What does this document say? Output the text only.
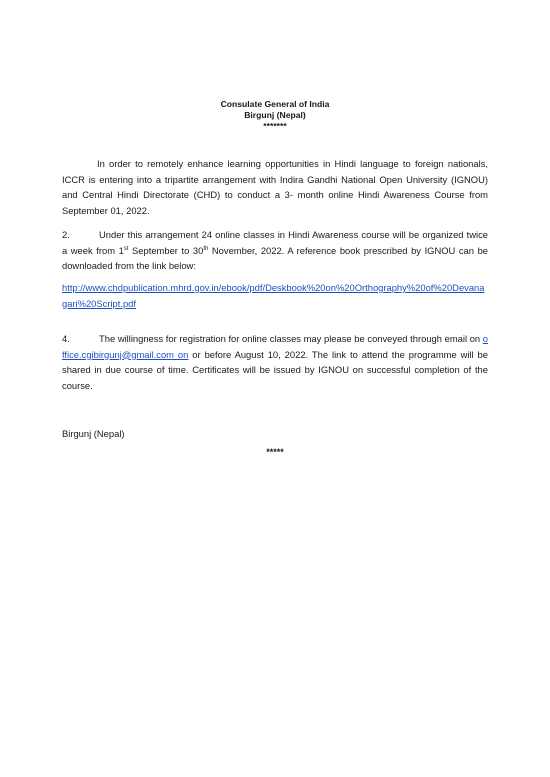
Consulate General of India
Birgunj (Nepal)
*******
In order to remotely enhance learning opportunities in Hindi language to foreign nationals, ICCR is entering into a tripartite arrangement with Indira Gandhi National Open University (IGNOU) and Central Hindi Directorate (CHD) to conduct a 3- month online Hindi Awareness Course from September 01, 2022.
2.	Under this arrangement 24 online classes in Hindi Awareness course will be organized twice a week from 1st September to 30th November, 2022. A reference book prescribed by IGNOU can be downloaded from the link below:
http://www.chdpublication.mhrd.gov.in/ebook/pdf/Deskbook%20on%20Orthography%20of%20Devanagari%20Script.pdf
4.	The willingness for registration for online classes may please be conveyed through email on office.cgibirgunj@gmail.com on or before August 10, 2022. The link to attend the programme will be shared in due course of time. Certificates will be issued by IGNOU on successful completion of the course.
Birgunj (Nepal)
*****
